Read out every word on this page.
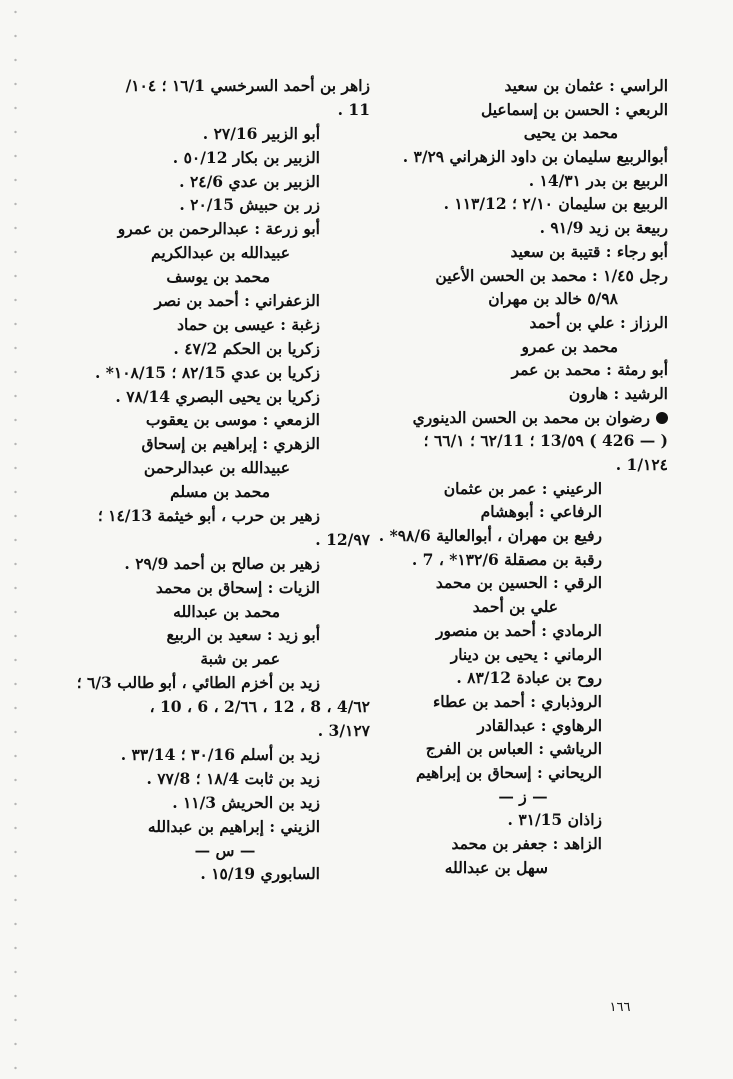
الراسي : عثمان بن سعيد
الربعي : الحسن بن إسماعيل
محمد بن يحيى
أبوالربيع سليمان بن داود الزهراني ٣/٢٩ .
الربيع بن بدر ١4/٣١ .
الربيع بن سليمان ٢/١٠ ؛ ١١٣/12 .
ربيعة بن زيد ٩١/9 .
أبو رجاء : قتيبة بن سعيد
رجل ١/٤٥ : محمد بن الحسن الأعين
٥/٩٨ خالد بن مهران
الرزاز : علي بن أحمد
محمد بن عمرو
أبو رمثة : محمد بن عمر
الرشيد : هارون
رضوان بن محمد بن الحسن الدينوري
( — 426 ) ٥٩/13 ؛ ٦٢/11 ؛ ٦٦/١ ؛
١٢٤/1 .
الرعيني : عمر بن عثمان
الرفاعي : أبوهشام
رفيع بن مهران ، أبوالعالية ٩٨/6* .
رقبة بن مصقلة ١٣٢/6* ، 7 .
الرقي : الحسين بن محمد
علي بن أحمد
الرمادي : أحمد بن منصور
الرماني : يحيى بن دينار
روح بن عبادة ٨٣/12 .
الروذباري : أحمد بن عطاء
الرهاوي : عبدالقادر
الرياشي : العباس بن الفرج
الريحاني : إسحاق بن إبراهيم
— ز —
زاذان ٣١/15 .
الزاهد : جعفر بن محمد
سهل بن عبدالله
زاهر بن أحمد السرخسي ١٦/1 ؛ ١٠٤/
11 .
أبو الزبير ٢٧/16 .
الزبير بن بكار ٥٠/12 .
الزبير بن عدي ٢٤/6 .
زر بن حبيش ٢٠/15 .
أبو زرعة : عبدالرحمن بن عمرو
عبيدالله بن عبدالكريم
محمد بن يوسف
الزعفراني : أحمد بن نصر
زغبة : عيسى بن حماد
زكريا بن الحكم ٤٧/2 .
زكريا بن عدي ٨٢/15 ؛ ١٠٨/15* .
زكريا بن يحيى البصري ٧٨/14 .
الزمعي : موسى بن يعقوب
الزهري : إبراهيم بن إسحاق
عبيدالله بن عبدالرحمن
محمد بن مسلم
زهير بن حرب ، أبو خيثمة ١٤/13 ؛
٩٧/12 .
زهير بن صالح بن أحمد ٢٩/9 .
الزيات : إسحاق بن محمد
محمد بن عبدالله
أبو زيد : سعيد بن الربيع
عمر بن شبة
زيد بن أخزم الطائي ، أبو طالب ٦/3 ؛
٦٢/4 ، 8 ، 12 ، ٦٦/2 ، 6 ، 10 ،
١٢٧/3 .
زيد بن أسلم ٣٠/16 ؛ ٣٣/14 .
زيد بن ثابت ١٨/4 ؛ ٧٧/8 .
زيد بن الحريش ١١/3 .
الزيني : إبراهيم بن عبدالله
— س —
السابوري ١٥/19 .
١٦٦
